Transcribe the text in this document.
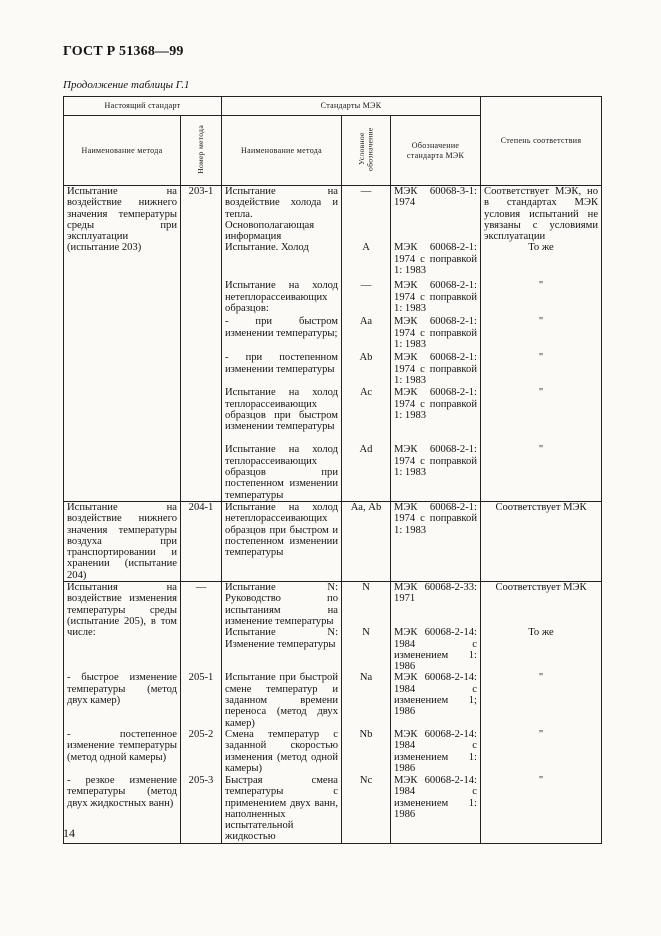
ГОСТ Р 51368—99
Продолжение таблицы Г.1
Настоящий стандарт		Стандарты МЭК			Степень соответствия
Наименование метода	Номер метода	Наименование метода	Условное обозначение	Обозначение стандарта МЭК	
Испытание на воздействие нижнего значения температуры среды при эксплуатации (испытание 203)	203-1	Испытание на воздействие холода и тепла. Основополагающая информация	—	МЭК 60068-3-1: 1974	Соответствует МЭК, но в стандартах МЭК условия испытаний не увязаны с условиями эксплуатации
		Испытание. Холод	А	МЭК 60068-2-1: 1974 с поправкой 1: 1983	То же
		Испытание на холод нетеплорассеивающих образцов:	—	МЭК 60068-2-1: 1974 с поправкой 1: 1983	"
		- при быстром изменении температуры;	Аа	МЭК 60068-2-1: 1974 с поправкой 1: 1983	"
		- при постепенном изменении температуры	Ab	МЭК 60068-2-1: 1974 с поправкой 1: 1983	"
		Испытание на холод теплорассеивающих образцов при быстром изменении температуры	Ас	МЭК 60068-2-1: 1974 с поправкой 1: 1983	"
		Испытание на холод теплорассеивающих образцов при постепенном изменении температуры	Ad	МЭК 60068-2-1: 1974 с поправкой 1: 1983	"
Испытание на воздействие нижнего значения температуры воздуха при транспортировании и хранении (испытание 204)	204-1	Испытание на холод нетеплорассеивающих образцов при быстром и постепенном изменении температуры	Аа, Ab	МЭК 60068-2-1: 1974 с поправкой 1: 1983	Соответствует МЭК
Испытания на воздействие изменения температуры среды (испытание 205), в том числе:	—	Испытание N: Руководство по испытаниям на изменение температуры	N	МЭК 60068-2-33: 1971	Соответствует МЭК
		Испытание N: Изменение температуры	N	МЭК 60068-2-14: 1984 с изменением 1: 1986	То же
- быстрое изменение температуры (метод двух камер)	205-1	Испытание при быстрой смене температур и заданном времени переноса (метод двух камер)	Na	МЭК 60068-2-14: 1984 с изменением 1; 1986	"
- постепенное изменение температуры (метод одной камеры)	205-2	Смена температур с заданной скоростью изменения (метод одной камеры)	Nb	МЭК 60068-2-14: 1984 с изменением 1: 1986	"
- резкое изменение температуры (метод двух жидкостных ванн)	205-3	Быстрая смена температуры с применением двух ванн, наполненных испытательной жидкостью	Nc	МЭК 60068-2-14: 1984 с изменением 1: 1986	"
14
